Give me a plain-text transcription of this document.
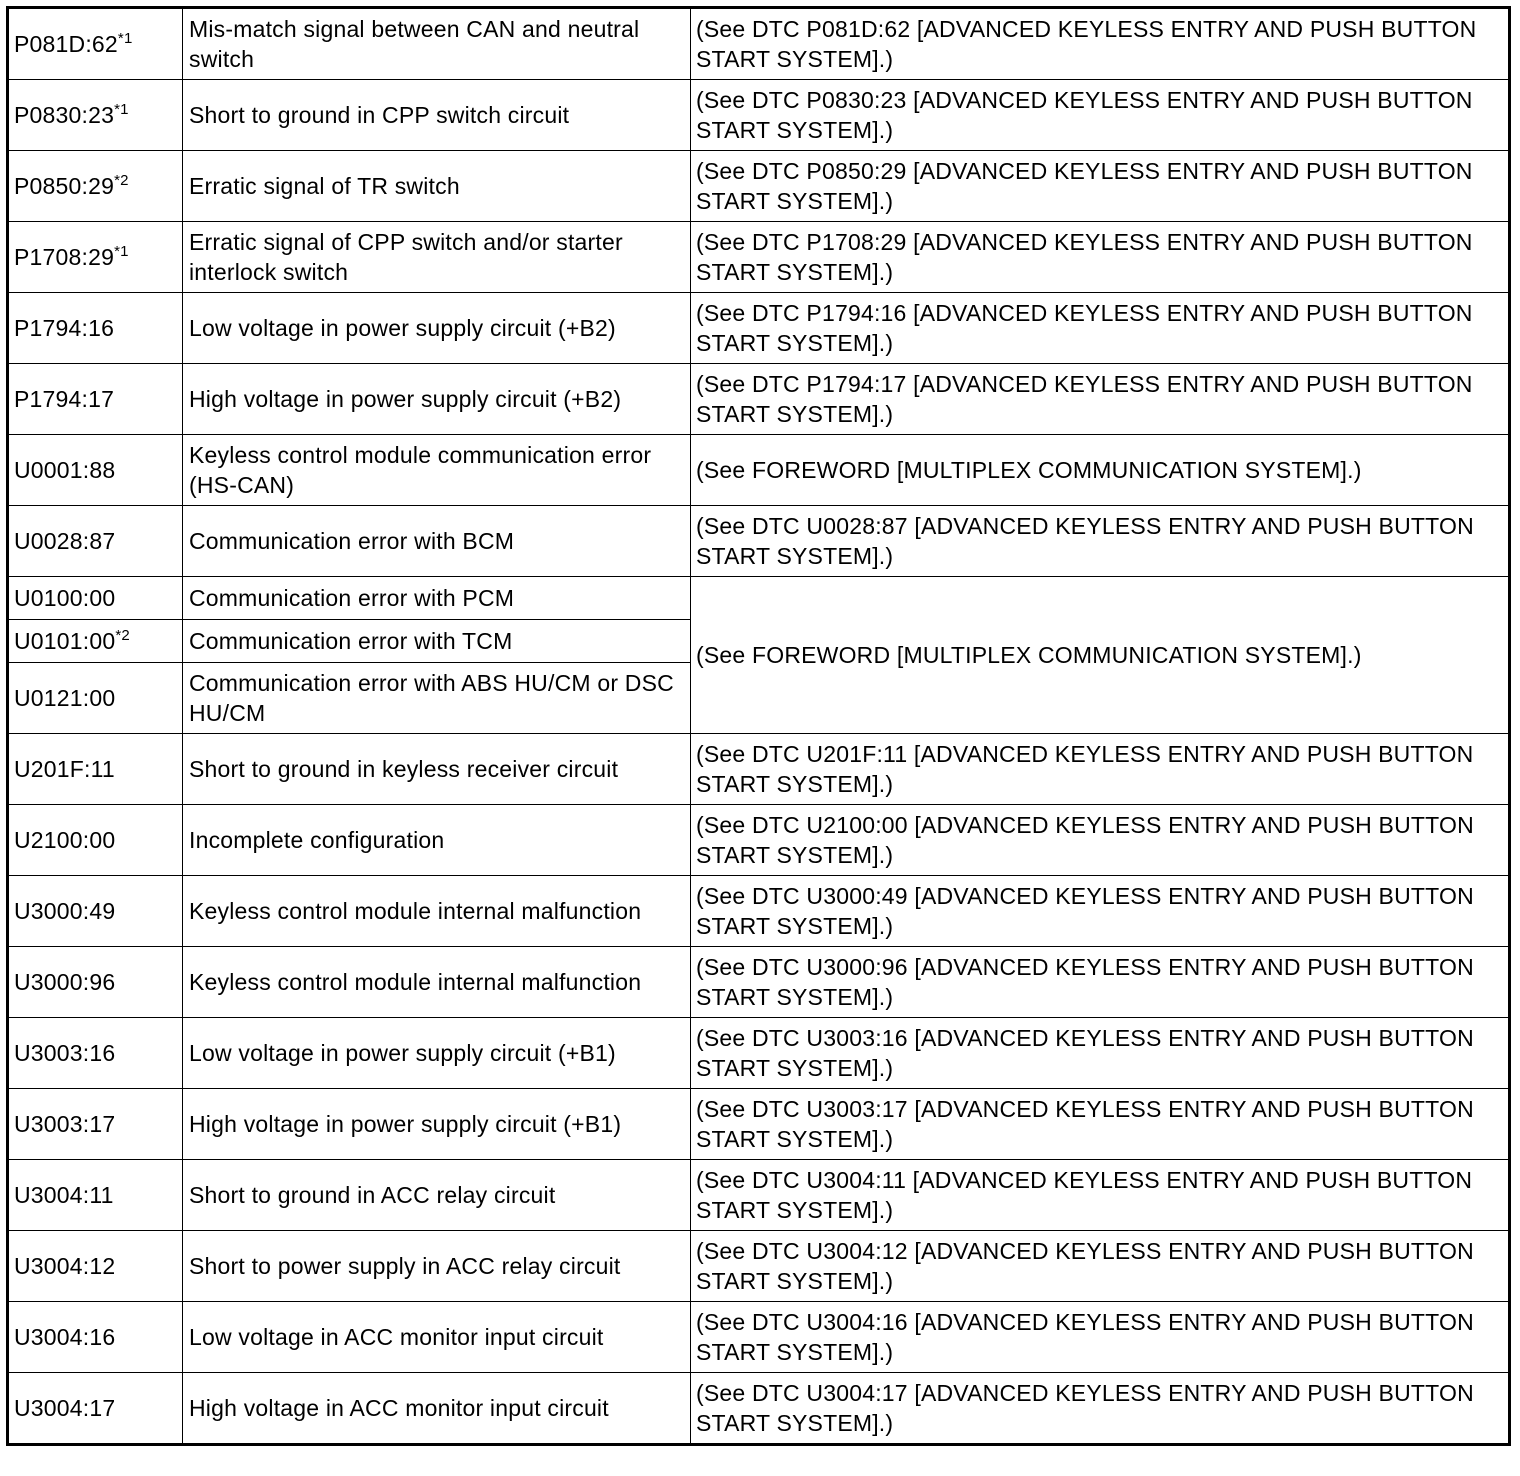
P081D:62$^{*1}$	Mis-match signal between CAN and neutral switch	(See DTC P081D:62 [ADVANCED KEYLESS ENTRY AND PUSH BUTTON START SYSTEM].)
P0830:23$^{*1}$	Short to ground in CPP switch circuit	(See DTC P0830:23 [ADVANCED KEYLESS ENTRY AND PUSH BUTTON START SYSTEM].)
P0850:29$^{*2}$	Erratic signal of TR switch	(See DTC P0850:29 [ADVANCED KEYLESS ENTRY AND PUSH BUTTON START SYSTEM].)
P1708:29$^{*1}$	Erratic signal of CPP switch and/or starter interlock switch	(See DTC P1708:29 [ADVANCED KEYLESS ENTRY AND PUSH BUTTON START SYSTEM].)
P1794:16	Low voltage in power supply circuit (+B2)	(See DTC P1794:16 [ADVANCED KEYLESS ENTRY AND PUSH BUTTON START SYSTEM].)
P1794:17	High voltage in power supply circuit (+B2)	(See DTC P1794:17 [ADVANCED KEYLESS ENTRY AND PUSH BUTTON START SYSTEM].)
U0001:88	Keyless control module communication error (HS-CAN)	(See FOREWORD [MULTIPLEX COMMUNICATION SYSTEM].)
U0028:87	Communication error with BCM	(See DTC U0028:87 [ADVANCED KEYLESS ENTRY AND PUSH BUTTON START SYSTEM].)
U0100:00	Communication error with PCM	(See FOREWORD [MULTIPLEX COMMUNICATION SYSTEM].)
U0101:00$^{*2}$	Communication error with TCM	
U0121:00	Communication error with ABS HU/CM or DSC HU/CM	
U201F:11	Short to ground in keyless receiver circuit	(See DTC U201F:11 [ADVANCED KEYLESS ENTRY AND PUSH BUTTON START SYSTEM].)
U2100:00	Incomplete configuration	(See DTC U2100:00 [ADVANCED KEYLESS ENTRY AND PUSH BUTTON START SYSTEM].)
U3000:49	Keyless control module internal malfunction	(See DTC U3000:49 [ADVANCED KEYLESS ENTRY AND PUSH BUTTON START SYSTEM].)
U3000:96	Keyless control module internal malfunction	(See DTC U3000:96 [ADVANCED KEYLESS ENTRY AND PUSH BUTTON START SYSTEM].)
U3003:16	Low voltage in power supply circuit (+B1)	(See DTC U3003:16 [ADVANCED KEYLESS ENTRY AND PUSH BUTTON START SYSTEM].)
U3003:17	High voltage in power supply circuit (+B1)	(See DTC U3003:17 [ADVANCED KEYLESS ENTRY AND PUSH BUTTON START SYSTEM].)
U3004:11	Short to ground in ACC relay circuit	(See DTC U3004:11 [ADVANCED KEYLESS ENTRY AND PUSH BUTTON START SYSTEM].)
U3004:12	Short to power supply in ACC relay circuit	(See DTC U3004:12 [ADVANCED KEYLESS ENTRY AND PUSH BUTTON START SYSTEM].)
U3004:16	Low voltage in ACC monitor input circuit	(See DTC U3004:16 [ADVANCED KEYLESS ENTRY AND PUSH BUTTON START SYSTEM].)
U3004:17	High voltage in ACC monitor input circuit	(See DTC U3004:17 [ADVANCED KEYLESS ENTRY AND PUSH BUTTON START SYSTEM].)
